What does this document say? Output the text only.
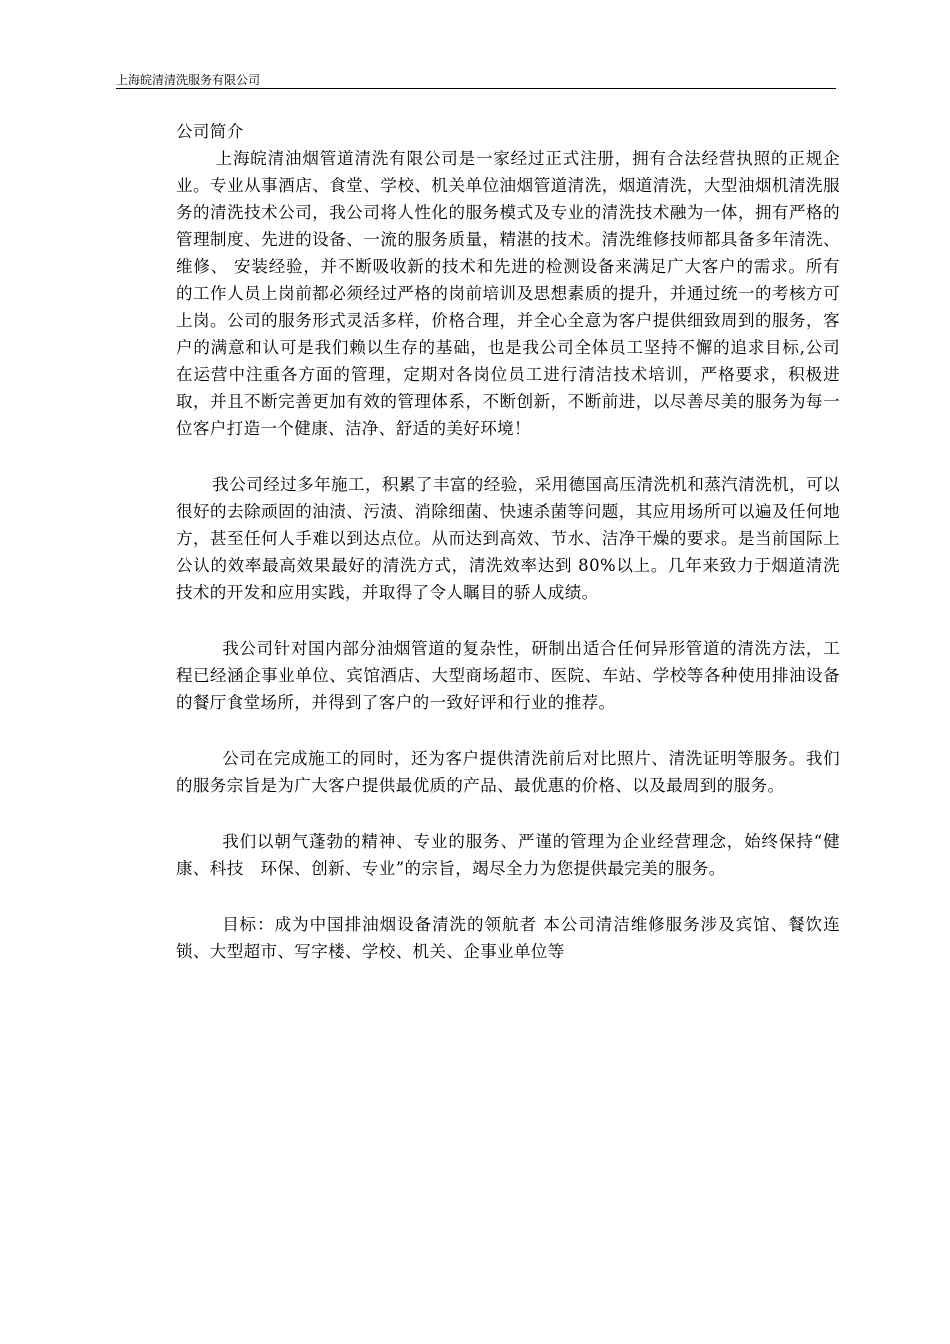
上海皖清清洗服务有限公司

公司简介

上海皖清油烟管道清洗有限公司是一家经过正式注册，拥有合法经营执照的正规企业。专业从事酒店、食堂、学校、机关单位油烟管道清洗，烟道清洗，大型油烟机清洗服务的清洗技术公司，我公司将人性化的服务模式及专业的清洗技术融为一体，拥有严格的管理制度、先进的设备、一流的服务质量，精湛的技术。清洗维修技师都具备多年清洗、维修、 安装经验，并不断吸收新的技术和先进的检测设备来满足广大客户的需求。所有的工作人员上岗前都必须经过严格的岗前培训及思想素质的提升，并通过统一的考核方可上岗。公司的服务形式灵活多样，价格合理，并全心全意为客户提供细致周到的服务，客户的满意和认可是我们赖以生存的基础，也是我公司全体员工坚持不懈的追求目标,公司在运营中注重各方面的管理，定期对各岗位员工进行清洁技术培训，严格要求，积极进取，并且不断完善更加有效的管理体系，不断创新，不断前进，以尽善尽美的服务为每一位客户打造一个健康、洁净、舒适的美好环境！

我公司经过多年施工，积累了丰富的经验，采用德国高压清洗机和蒸汽清洗机，可以很好的去除顽固的油渍、污渍、消除细菌、快速杀菌等问题，其应用场所可以遍及任何地方，甚至任何人手难以到达点位。从而达到高效、节水、洁净干燥的要求。是当前国际上公认的效率最高效果最好的清洗方式，清洗效率达到 80%以上。几年来致力于烟道清洗技术的开发和应用实践，并取得了令人瞩目的骄人成绩。

我公司针对国内部分油烟管道的复杂性，研制出适合任何异形管道的清洗方法，工程已经涵企事业单位、宾馆酒店、大型商场超市、医院、车站、学校等各种使用排油设备的餐厅食堂场所，并得到了客户的一致好评和行业的推荐。

公司在完成施工的同时，还为客户提供清洗前后对比照片、清洗证明等服务。我们的服务宗旨是为广大客户提供最优质的产品、最优惠的价格、以及最周到的服务。

我们以朝气蓬勃的精神、专业的服务、严谨的管理为企业经营理念，始终保持“健康、科技　环保、创新、专业”的宗旨，竭尽全力为您提供最完美的服务。

目标：成为中国排油烟设备清洗的领航者 本公司清洁维修服务涉及宾馆、餐饮连锁、大型超市、写字楼、学校、机关、企事业单位等
